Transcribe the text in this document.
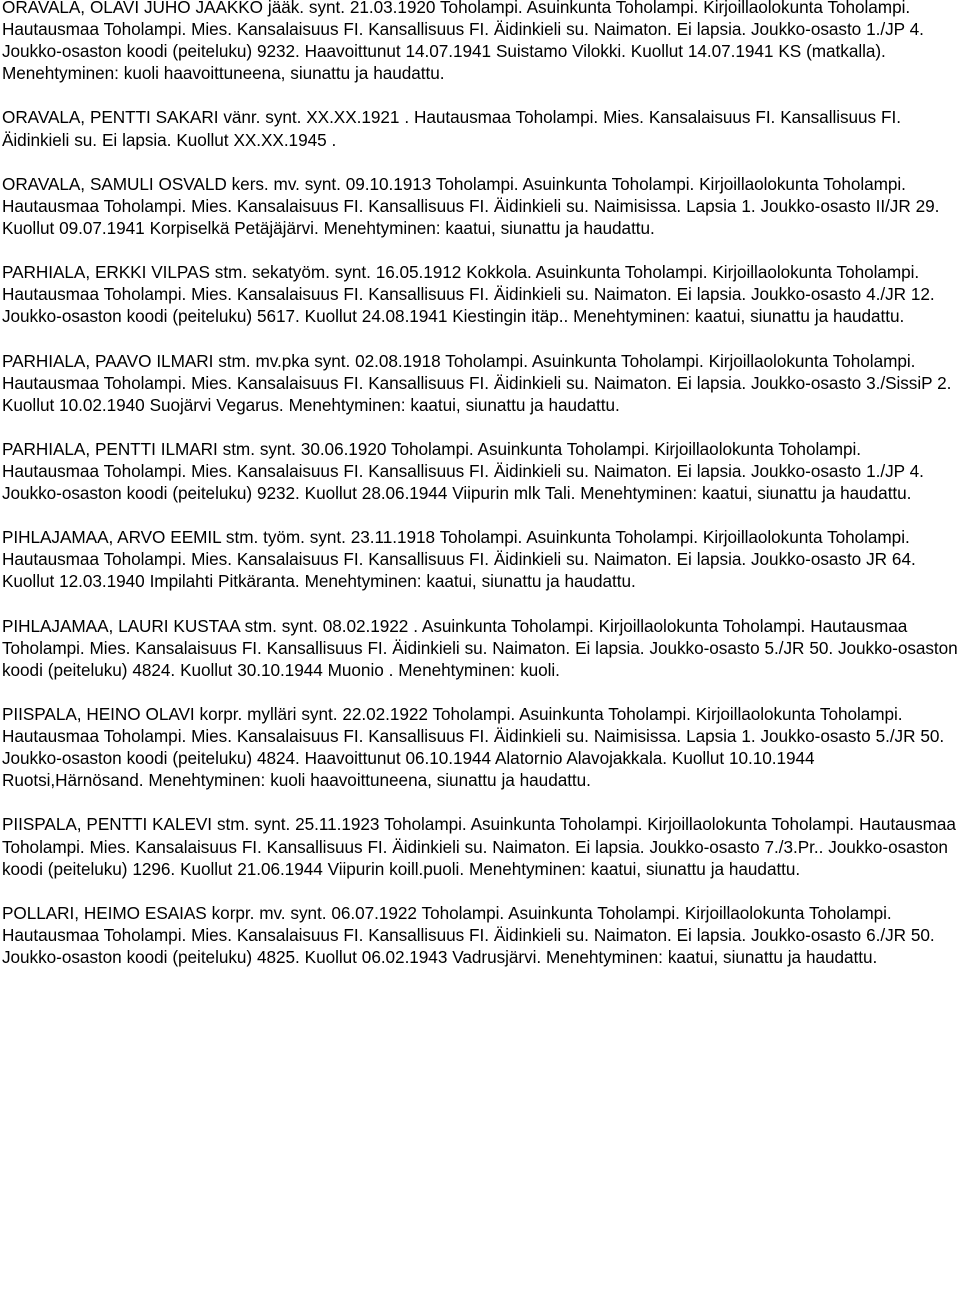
ORAVALA, OLAVI JUHO JAAKKO jääk. synt. 21.03.1920 Toholampi. Asuinkunta Toholampi. Kirjoillaolokunta Toholampi. Hautausmaa Toholampi. Mies. Kansalaisuus FI. Kansallisuus FI. Äidinkieli su. Naimaton. Ei lapsia. Joukko-osasto 1./JP 4. Joukko-osaston koodi (peiteluku) 9232. Haavoittunut 14.07.1941 Suistamo Vilokki. Kuollut 14.07.1941 KS (matkalla). Menehtyminen: kuoli haavoittuneena, siunattu ja haudattu.

ORAVALA, PENTTI SAKARI vänr. synt. XX.XX.1921 . Hautausmaa Toholampi. Mies. Kansalaisuus FI. Kansallisuus FI. Äidinkieli su. Ei lapsia. Kuollut XX.XX.1945 .

ORAVALA, SAMULI OSVALD kers. mv. synt. 09.10.1913 Toholampi. Asuinkunta Toholampi. Kirjoillaolokunta Toholampi. Hautausmaa Toholampi. Mies. Kansalaisuus FI. Kansallisuus FI. Äidinkieli su. Naimisissa. Lapsia 1. Joukko-osasto II/JR 29. Kuollut 09.07.1941 Korpiselkä Petäjäjärvi. Menehtyminen: kaatui, siunattu ja haudattu.

PARHIALA, ERKKI VILPAS stm. sekatyöm. synt. 16.05.1912 Kokkola. Asuinkunta Toholampi. Kirjoillaolokunta Toholampi. Hautausmaa Toholampi. Mies. Kansalaisuus FI. Kansallisuus FI. Äidinkieli su. Naimaton. Ei lapsia. Joukko-osasto 4./JR 12. Joukko-osaston koodi (peiteluku) 5617. Kuollut 24.08.1941 Kiestingin itäp.. Menehtyminen: kaatui, siunattu ja haudattu.

PARHIALA, PAAVO ILMARI stm. mv.pka synt. 02.08.1918 Toholampi. Asuinkunta Toholampi. Kirjoillaolokunta Toholampi. Hautausmaa Toholampi. Mies. Kansalaisuus FI. Kansallisuus FI. Äidinkieli su. Naimaton. Ei lapsia. Joukko-osasto 3./SissiP 2. Kuollut 10.02.1940 Suojärvi Vegarus. Menehtyminen: kaatui, siunattu ja haudattu.

PARHIALA, PENTTI ILMARI stm. synt. 30.06.1920 Toholampi. Asuinkunta Toholampi. Kirjoillaolokunta Toholampi. Hautausmaa Toholampi. Mies. Kansalaisuus FI. Kansallisuus FI. Äidinkieli su. Naimaton. Ei lapsia. Joukko-osasto 1./JP 4. Joukko-osaston koodi (peiteluku) 9232. Kuollut 28.06.1944 Viipurin mlk Tali. Menehtyminen: kaatui, siunattu ja haudattu.

PIHLAJAMAA, ARVO EEMIL stm. työm. synt. 23.11.1918 Toholampi. Asuinkunta Toholampi. Kirjoillaolokunta Toholampi. Hautausmaa Toholampi. Mies. Kansalaisuus FI. Kansallisuus FI. Äidinkieli su. Naimaton. Ei lapsia. Joukko-osasto JR 64. Kuollut 12.03.1940 Impilahti Pitkäranta. Menehtyminen: kaatui, siunattu ja haudattu.

PIHLAJAMAA, LAURI KUSTAA stm. synt. 08.02.1922 . Asuinkunta Toholampi. Kirjoillaolokunta Toholampi. Hautausmaa Toholampi. Mies. Kansalaisuus FI. Kansallisuus FI. Äidinkieli su. Naimaton. Ei lapsia. Joukko-osasto 5./JR 50. Joukko-osaston koodi (peiteluku) 4824. Kuollut 30.10.1944 Muonio . Menehtyminen: kuoli.

PIISPALA, HEINO OLAVI korpr. mylläri synt. 22.02.1922 Toholampi. Asuinkunta Toholampi. Kirjoillaolokunta Toholampi. Hautausmaa Toholampi. Mies. Kansalaisuus FI. Kansallisuus FI. Äidinkieli su. Naimisissa. Lapsia 1. Joukko-osasto 5./JR 50. Joukko-osaston koodi (peiteluku) 4824. Haavoittunut 06.10.1944 Alatornio Alavojakkala. Kuollut 10.10.1944 Ruotsi,Härnösand. Menehtyminen: kuoli haavoittuneena, siunattu ja haudattu.

PIISPALA, PENTTI KALEVI stm. synt. 25.11.1923 Toholampi. Asuinkunta Toholampi. Kirjoillaolokunta Toholampi. Hautausmaa Toholampi. Mies. Kansalaisuus FI. Kansallisuus FI. Äidinkieli su. Naimaton. Ei lapsia. Joukko-osasto 7./3.Pr.. Joukko-osaston koodi (peiteluku) 1296. Kuollut 21.06.1944 Viipurin koill.puoli. Menehtyminen: kaatui, siunattu ja haudattu.

POLLARI, HEIMO ESAIAS korpr. mv. synt. 06.07.1922 Toholampi. Asuinkunta Toholampi. Kirjoillaolokunta Toholampi. Hautausmaa Toholampi. Mies. Kansalaisuus FI. Kansallisuus FI. Äidinkieli su. Naimaton. Ei lapsia. Joukko-osasto 6./JR 50. Joukko-osaston koodi (peiteluku) 4825. Kuollut 06.02.1943 Vadrusjärvi. Menehtyminen: kaatui, siunattu ja haudattu.
